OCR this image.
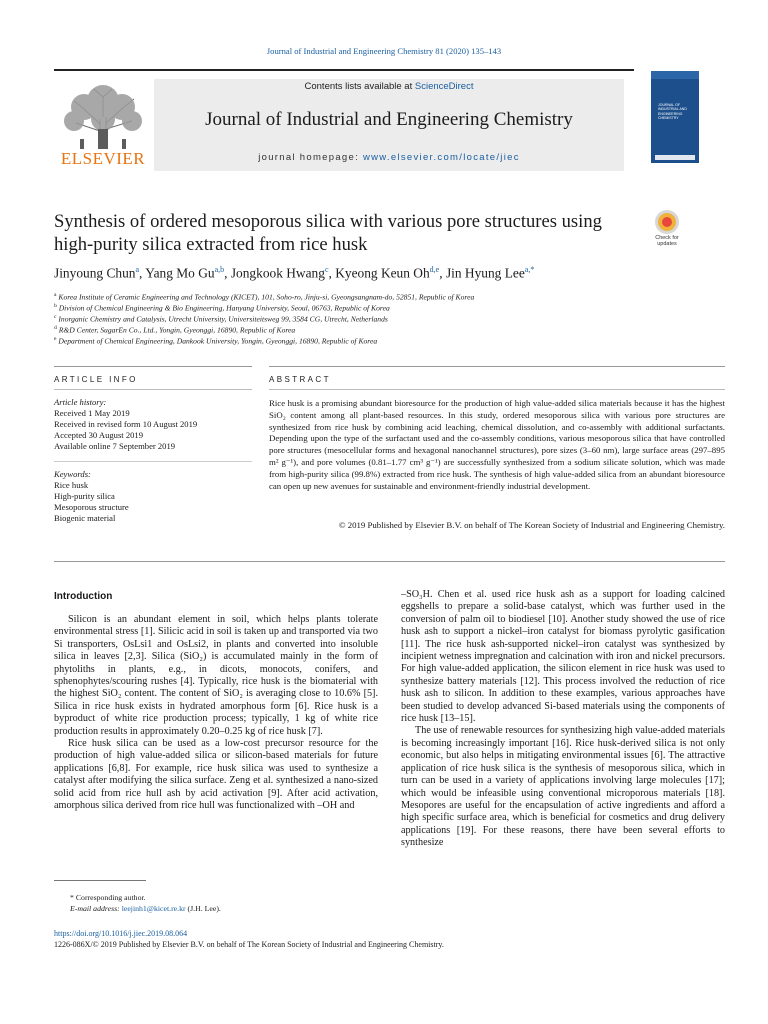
Journal of Industrial and Engineering Chemistry 81 (2020) 135–143
Contents lists available at ScienceDirect
Journal of Industrial and Engineering Chemistry
journal homepage: www.elsevier.com/locate/jiec
ELSEVIER
JOURNAL OF
INDUSTRIAL AND
ENGINEERING
CHEMISTRY
Synthesis of ordered mesoporous silica with various pore structures using high-purity silica extracted from rice husk	Check for updates
Jinyoung Chun$^a$, Yang Mo Gu$^{a,b}$, Jongkook Hwang$^c$, Kyeong Keun Oh$^{d,e}$, Jin Hyung Lee$^{a,*}$
$^a$ Korea Institute of Ceramic Engineering and Technology (KICET), 101, Soho-ro, Jinju-si, Gyeongsangnam-do, 52851, Republic of Korea
$^b$ Division of Chemical Engineering & Bio Engineering, Hanyang University, Seoul, 06763, Republic of Korea
$^c$ Inorganic Chemistry and Catalysis, Utrecht University, Universiteitsweg 99, 3584 CG, Utrecht, Netherlands
$^d$ R&D Center, SugarEn Co., Ltd., Yongin, Gyeonggi, 16890, Republic of Korea
$^e$ Department of Chemical Engineering, Dankook University, Yongin, Gyeonggi, 16890, Republic of Korea
ARTICLE INFO	ABSTRACT
Article history:
Received 1 May 2019
Received in revised form 10 August 2019
Accepted 30 August 2019
Available online 7 September 2019
Keywords:
Rice husk
High-purity silica
Mesoporous structure
Biogenic material
Rice husk is a promising abundant bioresource for the production of high value-added silica materials because it has the highest SiO₂ content among all plant-based resources. In this study, ordered mesoporous silica with various pore structures are synthesized from rice husk by combining acid leaching, chemical dissolution, and co-assembly with additional surfactants. Depending upon the type of the surfactant used and the co-assembly conditions, various mesoporous silica that have controlled pore structures (mesocellular forms and hexagonal nanochannel structures), pore sizes (3–60 nm), large surface areas (297–895 m² g⁻¹), and pore volumes (0.81–1.77 cm³ g⁻¹) are successfully synthesized from a sodium silicate solution, which was made from high-purity silica (99.8%) extracted from rice husk. The synthesis of high value-added silica from an abundant bioresource can open up new avenues for sustainable and environment-friendly industrial development.
© 2019 Published by Elsevier B.V. on behalf of The Korean Society of Industrial and Engineering Chemistry.
Introduction

Silicon is an abundant element in soil, which helps plants tolerate environmental stress [1]. Silicic acid in soil is taken up and transported via two Si transporters, OsLsi1 and OsLsi2, in plants and converted into insoluble silica in leaves [2,3]. Silica (SiO₂) is accumulated mainly in the form of phytoliths in plants, e.g., in dicots, monocots, conifers, and sphenophytes/scouring rushes [4]. Typically, rice husk is the biomaterial with the highest SiO₂ content. The content of SiO₂ is averaging close to 10.6% [5]. Silica in rice husk exists in hydrated amorphous form [6]. Rice husk is a byproduct of white rice production process; typically, 1 kg of white rice production results in approximately 0.20–0.25 kg of rice husk [7].

Rice husk silica can be used as a low-cost precursor resource for the production of high value-added silica or silicon-based materials for future applications [6,8]. For example, rice husk silica was used to synthesize a catalyst after modifying the silica surface. Zeng et al. synthesized a nano-sized solid acid from rice hull ash by acid activation [9]. After acid activation, amorphous silica derived from rice hull was functionalized with –OH and

–SO₃H. Chen et al. used rice husk ash as a support for loading calcined eggshells to prepare a solid-base catalyst, which was further used in the conversion of palm oil to biodiesel [10]. Another study showed the use of rice husk ash to support a nickel–iron catalyst for biomass pyrolytic gasification [11]. The rice husk ash-supported nickel–iron catalyst was synthesized by incipient wetness impregnation and calcination with iron and nickel precursors. For high value-added application, the silicon element in rice husk was used to synthesize battery materials [12]. This process involved the reduction of rice husk ash to silicon. In addition to these examples, various approaches have been studied to develop advanced Si-based materials using the components of rice husk [13–15].

The use of renewable resources for synthesizing high value-added materials is becoming increasingly important [16]. Rice husk-derived silica is not only economic, but also helps in mitigating environmental issues [6]. The attractive application of rice husk silica is the synthesis of mesoporous silica, which in turn can be used in a variety of applications involving large molecules [17]; which would be infeasible using conventional microporous materials [18]. Mesopores are useful for the encapsulation of active ingredients and afford a high specific surface area, which is beneficial for cosmetics and drug delivery applications [19]. For these reasons, there have been several efforts to synthesize

* Corresponding author.
E-mail address: leejinh1@kicet.re.kr (J.H. Lee).
https://doi.org/10.1016/j.jiec.2019.08.064
1226-086X/© 2019 Published by Elsevier B.V. on behalf of The Korean Society of Industrial and Engineering Chemistry.
